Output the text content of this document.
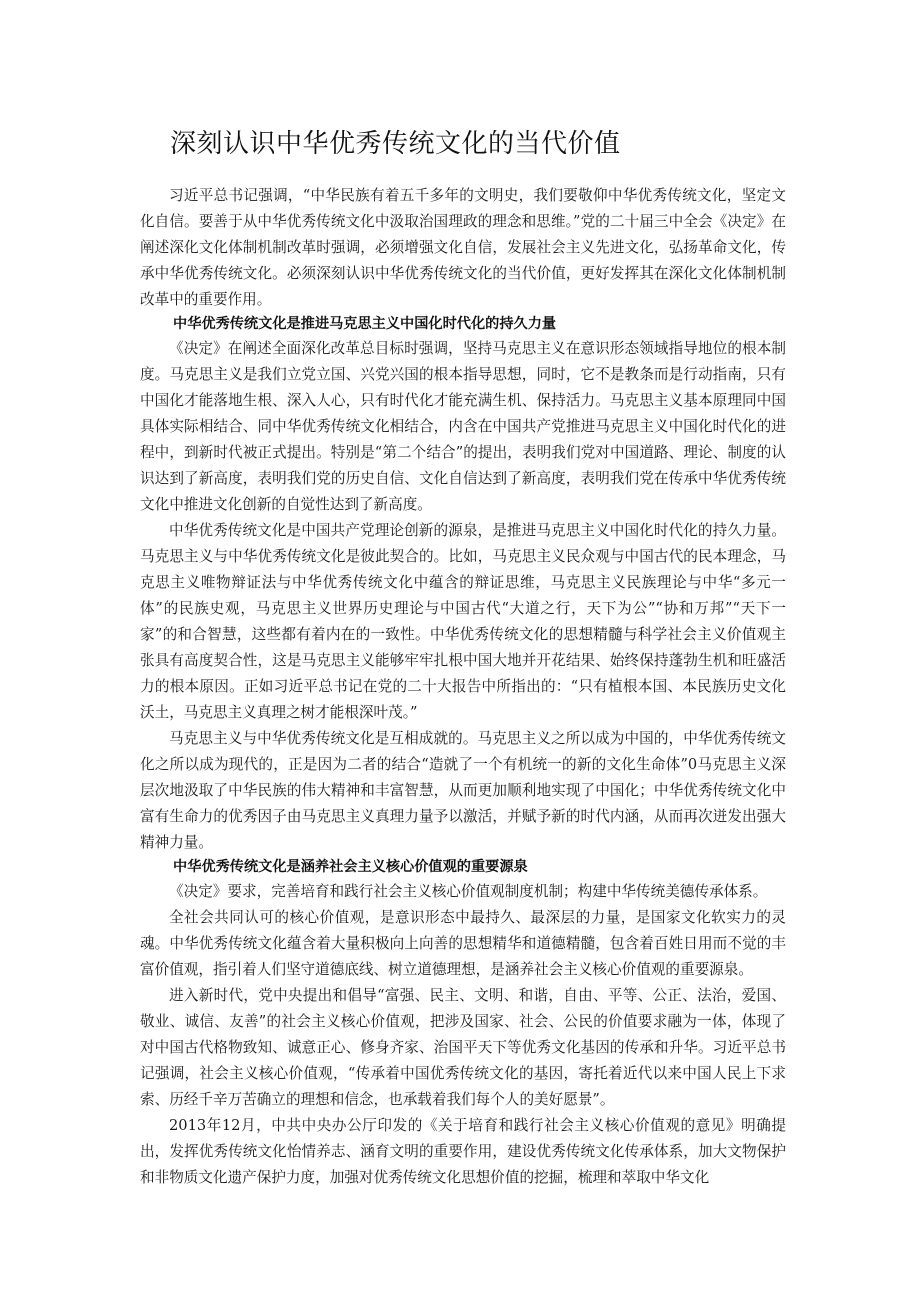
深刻认识中华优秀传统文化的当代价值

习近平总书记强调，“中华民族有着五千多年的文明史，我们要敬仰中华优秀传统文化，坚定文化自信。要善于从中华优秀传统文化中汲取治国理政的理念和思维。”党的二十届三中全会《决定》在阐述深化文化体制机制改革时强调，必须增强文化自信，发展社会主义先进文化，弘扬革命文化，传承中华优秀传统文化。必须深刻认识中华优秀传统文化的当代价值，更好发挥其在深化文化体制机制改革中的重要作用。

中华优秀传统文化是推进马克思主义中国化时代化的持久力量

《决定》在阐述全面深化改革总目标时强调，坚持马克思主义在意识形态领域指导地位的根本制度。马克思主义是我们立党立国、兴党兴国的根本指导思想，同时，它不是教条而是行动指南，只有中国化才能落地生根、深入人心，只有时代化才能充满生机、保持活力。马克思主义基本原理同中国具体实际相结合、同中华优秀传统文化相结合，内含在中国共产党推进马克思主义中国化时代化的进程中，到新时代被正式提出。特别是“第二个结合”的提出，表明我们党对中国道路、理论、制度的认识达到了新高度，表明我们党的历史自信、文化自信达到了新高度，表明我们党在传承中华优秀传统文化中推进文化创新的自觉性达到了新高度。

中华优秀传统文化是中国共产党理论创新的源泉，是推进马克思主义中国化时代化的持久力量。马克思主义与中华优秀传统文化是彼此契合的。比如，马克思主义民众观与中国古代的民本理念，马克思主义唯物辩证法与中华优秀传统文化中蕴含的辩证思维，马克思主义民族理论与中华“多元一体”的民族史观，马克思主义世界历史理论与中国古代“大道之行，天下为公”“协和万邦”“天下一家”的和合智慧，这些都有着内在的一致性。中华优秀传统文化的思想精髓与科学社会主义价值观主张具有高度契合性，这是马克思主义能够牢牢扎根中国大地并开花结果、始终保持蓬勃生机和旺盛活力的根本原因。正如习近平总书记在党的二十大报告中所指出的：“只有植根本国、本民族历史文化沃土，马克思主义真理之树才能根深叶茂。”

马克思主义与中华优秀传统文化是互相成就的。马克思主义之所以成为中国的，中华优秀传统文化之所以成为现代的，正是因为二者的结合“造就了一个有机统一的新的文化生命体”0马克思主义深层次地汲取了中华民族的伟大精神和丰富智慧，从而更加顺利地实现了中国化；中华优秀传统文化中富有生命力的优秀因子由马克思主义真理力量予以激活，并赋予新的时代内涵，从而再次迸发出强大精神力量。

中华优秀传统文化是涵养社会主义核心价值观的重要源泉

《决定》要求，完善培育和践行社会主义核心价值观制度机制；构建中华传统美德传承体系。

全社会共同认可的核心价值观，是意识形态中最持久、最深层的力量，是国家文化软实力的灵魂。中华优秀传统文化蕴含着大量积极向上向善的思想精华和道德精髓，包含着百姓日用而不觉的丰富价值观，指引着人们坚守道德底线、树立道德理想，是涵养社会主义核心价值观的重要源泉。

进入新时代，党中央提出和倡导“富强、民主、文明、和谐，自由、平等、公正、法治，爱国、敬业、诚信、友善”的社会主义核心价值观，把涉及国家、社会、公民的价值要求融为一体，体现了对中国古代格物致知、诚意正心、修身齐家、治国平天下等优秀文化基因的传承和升华。习近平总书记强调，社会主义核心价值观，“传承着中国优秀传统文化的基因，寄托着近代以来中国人民上下求索、历经千辛万苦确立的理想和信念，也承载着我们每个人的美好愿景”。

2013年12月，中共中央办公厅印发的《关于培育和践行社会主义核心价值观的意见》明确提出，发挥优秀传统文化怡情养志、涵育文明的重要作用，建设优秀传统文化传承体系，加大文物保护和非物质文化遗产保护力度，加强对优秀传统文化思想价值的挖掘，梳理和萃取中华文化
